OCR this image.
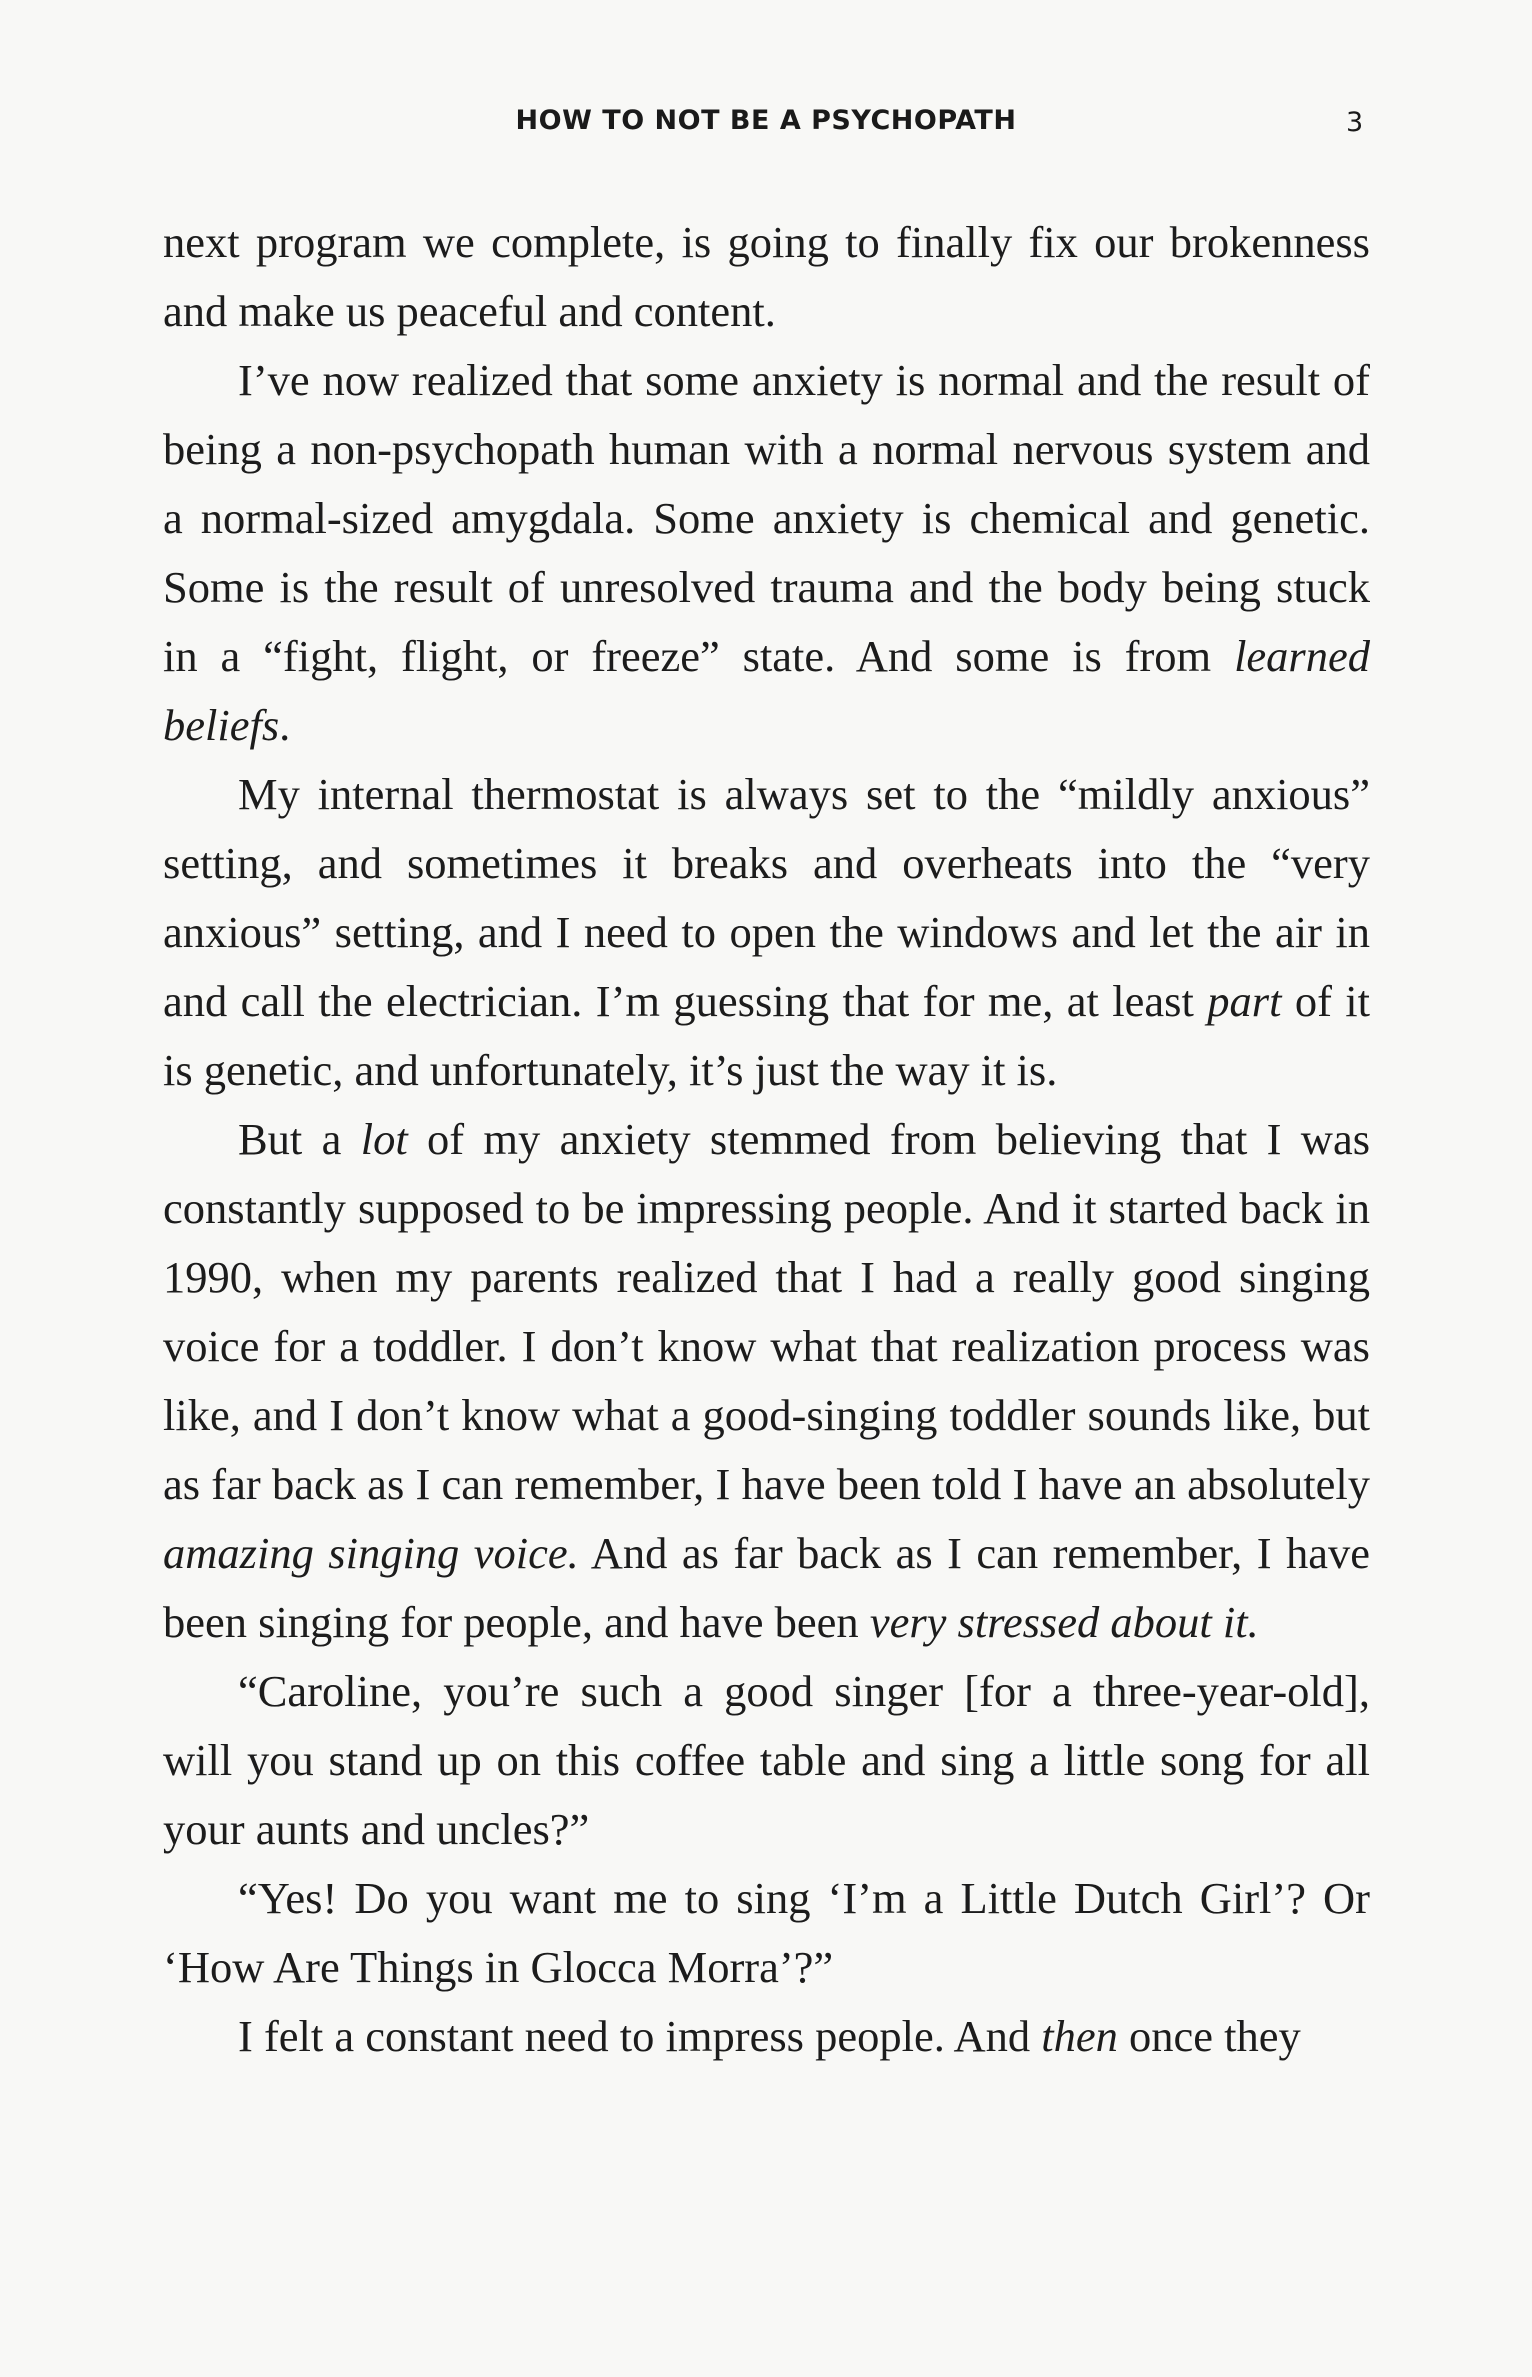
HOW TO NOT BE A PSYCHOPATH	3

next program we complete, is going to finally fix our brokenness and make us peaceful and content.

I’ve now realized that some anxiety is normal and the result of being a non-psychopath human with a normal nervous system and a normal-sized amygdala. Some anxiety is chemical and genetic. Some is the result of unresolved trauma and the body being stuck in a “fight, flight, or freeze” state. And some is from learned beliefs.

My internal thermostat is always set to the “mildly anxious” setting, and sometimes it breaks and overheats into the “very anxious” setting, and I need to open the windows and let the air in and call the electrician. I’m guessing that for me, at least part of it is genetic, and unfortunately, it’s just the way it is.

But a lot of my anxiety stemmed from believing that I was constantly supposed to be impressing people. And it started back in 1990, when my parents realized that I had a really good singing voice for a toddler. I don’t know what that realization process was like, and I don’t know what a good-singing toddler sounds like, but as far back as I can remember, I have been told I have an absolutely amazing singing voice. And as far back as I can remember, I have been singing for people, and have been very stressed about it.

“Caroline, you’re such a good singer [for a three-year-old], will you stand up on this coffee table and sing a little song for all your aunts and uncles?”

“Yes! Do you want me to sing ‘I’m a Little Dutch Girl’? Or ‘How Are Things in Glocca Morra’?”

I felt a constant need to impress people. And then once they
